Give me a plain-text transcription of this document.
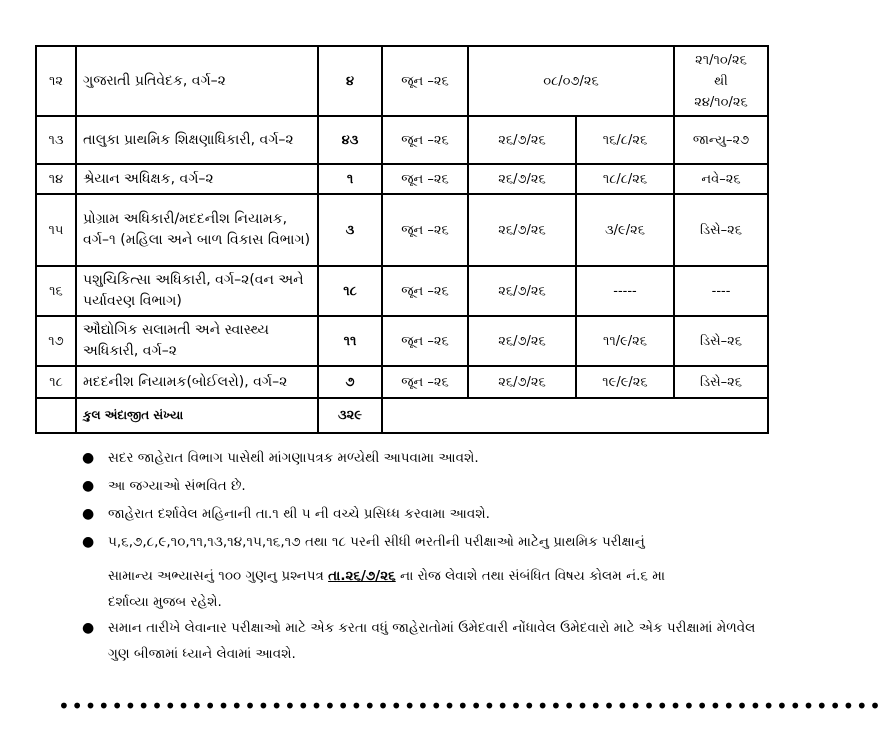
૧૨	ગુજરાતી પ્રતિવેદક, વર્ગ–૨	૪	જૂન –૨૬	૦૮/૦૭/૨૬		૨૧/૧૦/૨૬
થી
૨૪/૧૦/૨૬

૧૩	તાલુકા પ્રાથમિક શિક્ષણાધિકારી, વર્ગ–૨	૪૩	જૂન –૨૬	૨૬/૭/૨૬	૧૬/૮/૨૬	જાન્યુ–૨૭
૧૪	શ્રેયાન અધિક્ષક, વર્ગ–૨	૧	જૂન –૨૬	૨૬/૭/૨૬	૧૮/૮/૨૬	નવે–૨૬
૧૫	પ્રોગ્રામ અધિકારી/મદદનીશ નિયામક, વર્ગ–૧ (મહિલા અને બાળ વિકાસ વિભાગ)	૩	જૂન –૨૬	૨૬/૭/૨૬	૩/૯/૨૬	ડિસે–૨૬
૧૬	પશુચિકિત્સા અધિકારી, વર્ગ–૨(વન અને પર્યાવરણ વિભાગ)	૧૮	જૂન –૨૬	૨૬/૭/૨૬	-----	----
૧૭	ઔદ્યોગિક સલામતી અને સ્વાસ્થ્ય અધિકારી, વર્ગ–૨	૧૧	જૂન –૨૬	૨૬/૭/૨૬	૧૧/૯/૨૬	ડિસે–૨૬
૧૮	મદદનીશ નિયામક(બોઈલરો), વર્ગ–૨	૭	જૂન –૨૬	૨૬/૭/૨૬	૧૯/૯/૨૬	ડિસે–૨૬
	કુલ અંદાજીત સંખ્યા	૩૨૯				
● સદર જાહેરાત વિભાગ પાસેથી માંગણાપત્રક મળ્યેથી આપવામા આવશે.
● આ જગ્યાઓ સંભવિત છે.
● જાહેરાત દર્શાવેલ મહિનાની તા.૧ થી ૫ ની વચ્ચે પ્રસિધ્ધ કરવામા આવશે.
● ૫,૬,૭,૮,૯,૧૦,૧૧,૧૩,૧૪,૧૫,૧૬,૧૭ તથા ૧૮ પરની સીધી ભરતીની પરીક્ષાઓ માટેનુ પ્રાથમિક પરીક્ષાનું
સામાન્ય અભ્યાસનું ૧૦૦ ગુણનુ પ્રશ્નપત્ર તા.૨૬/૭/૨૬ ના રોજ લેવાશે તથા સંબંધિત વિષય કોલમ નં.૬ મા
દર્શાવ્યા મુજબ રહેશે.
● સમાન તારીખે લેવાનાર પરીક્ષાઓ માટે એક કરતા વધું જાહેરાતોમાં ઉમેદવારી નોંધાવેલ ઉમેદવારો માટે એક પરીક્ષામાં મેળવેલ ગુણ બીજામાં ધ્યાને લેવામાં આવશે.
••••••••••••••••••••••••••••••••••••••••••••••••••••••••••••••
